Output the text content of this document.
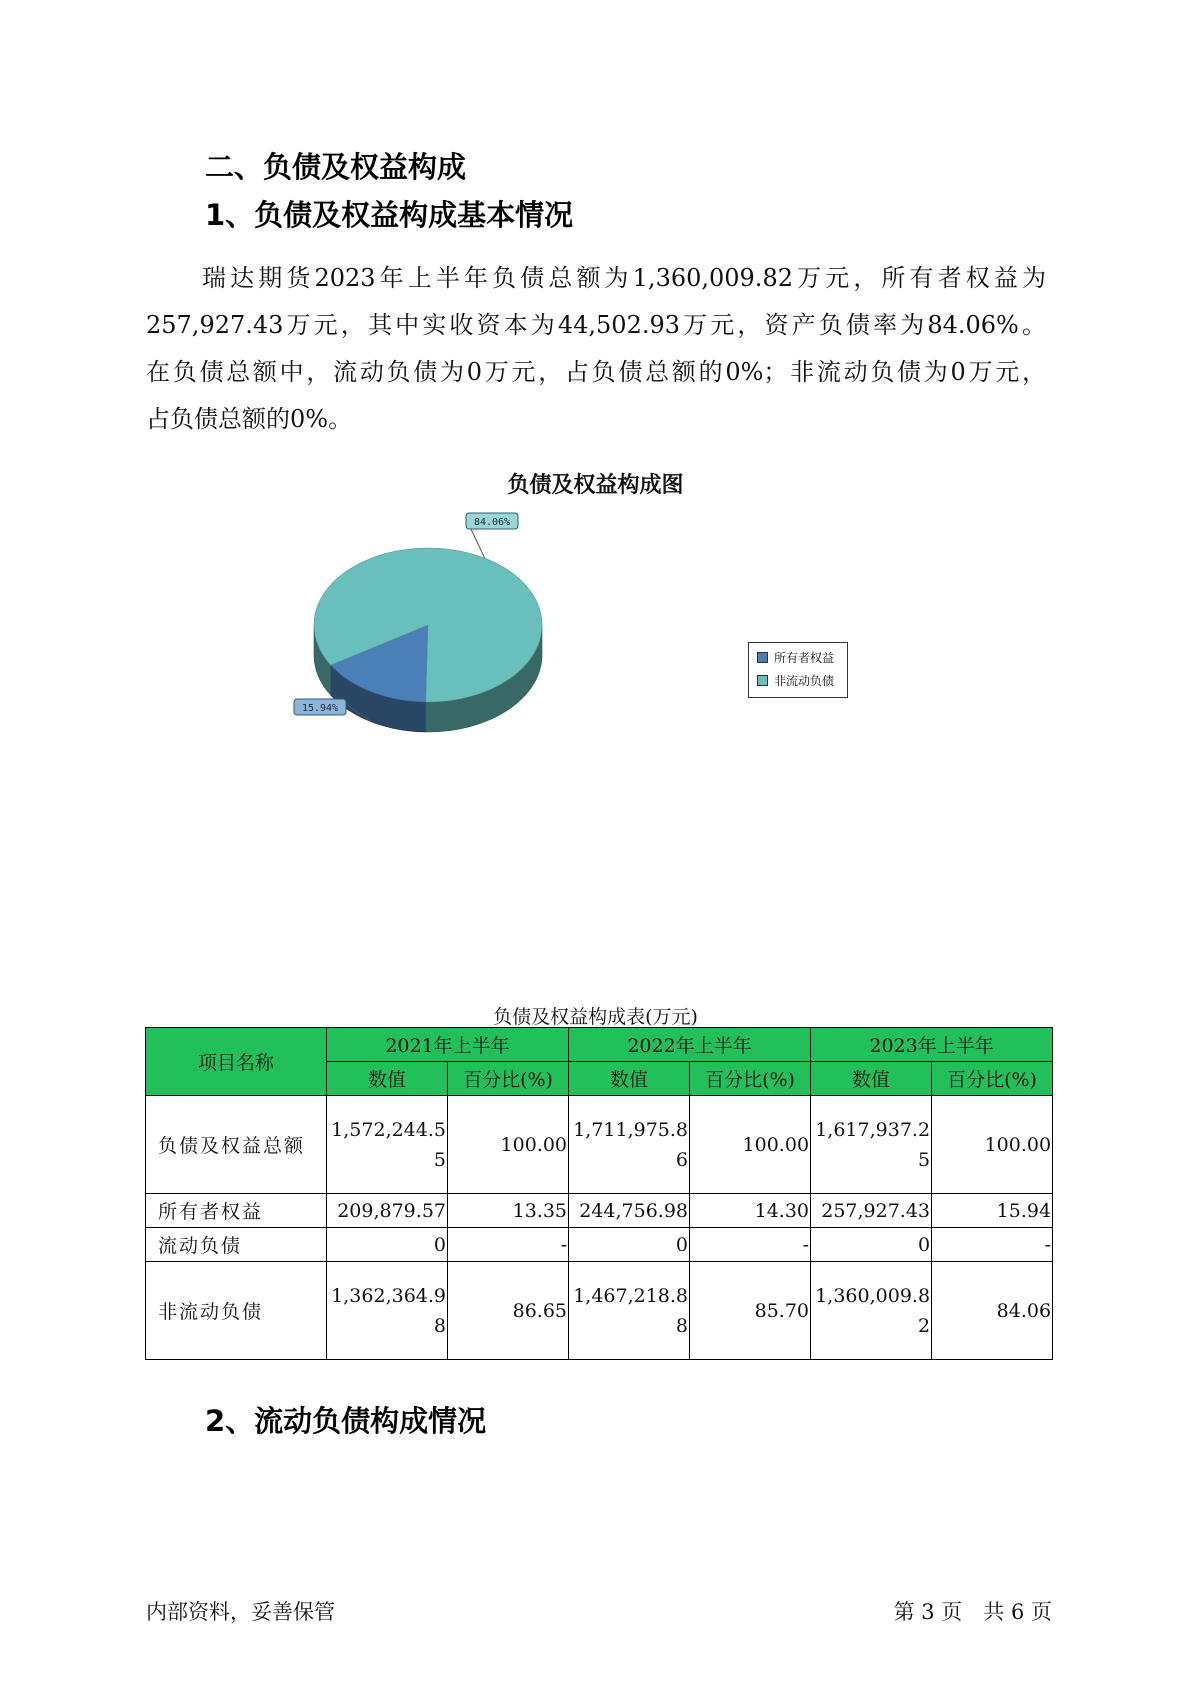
二、负债及权益构成
1、负债及权益构成基本情况
瑞达期货2023年上半年负债总额为1,360,009.82万元，所有者权益为
257,927.43万元，其中实收资本为44,502.93万元，资产负债率为84.06%。
在负债总额中，流动负债为0万元，占负债总额的0%；非流动负债为0万元，
占负债总额的0%。
负债及权益构成图
15.94%
84.06%
所有者权益
非流动负债
负债及权益构成表(万元)
项目名称	2021年上半年		2022年上半年		2023年上半年	
	数值	百分比(%)	数值	百分比(%)	数值	百分比(%)
负债及权益总额	1,572,244.55	100.00	1,711,975.86	100.00	1,617,937.25	100.00
所有者权益	209,879.57	13.35	244,756.98	14.30	257,927.43	15.94
流动负债	0	-	0	-	0	-
非流动负债	1,362,364.98	86.65	1,467,218.88	85.70	1,360,009.82	84.06
2、流动负债构成情况
内部资料，妥善保管	第 3 页　共 6 页
